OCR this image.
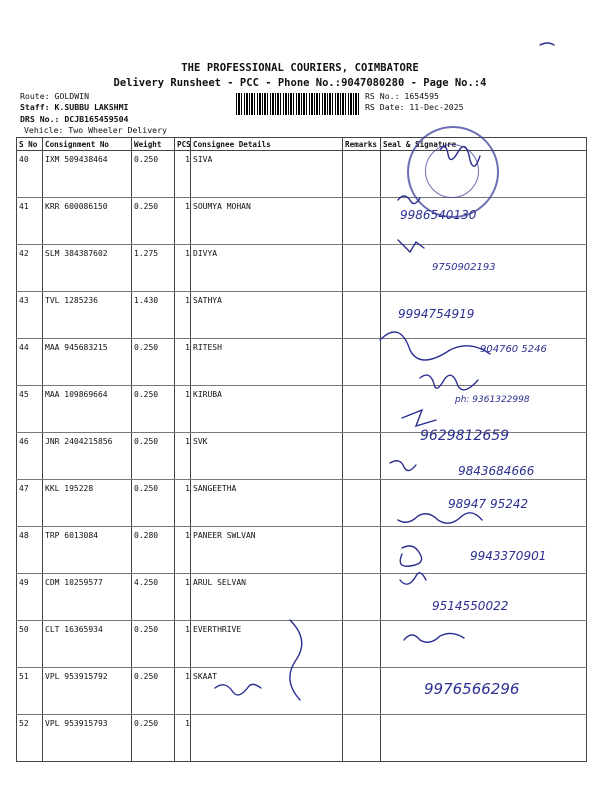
THE PROFESSIONAL COURIERS, COIMBATORE
Delivery Runsheet - PCC - Phone No.:9047080280 - Page No.:4
Route: GOLDWIN
Staff: K.SUBBU LAKSHMI
DRS No.: DCJB165459504
Vehicle: Two Wheeler Delivery
RS No.: 1654595
RS Date: 11-Dec-2025
S No	Consignment No	Weight	PCS	Consignee Details	Remarks	Seal & Signature
40	IXM 509438464	0.250	1	SIVA		
41	KRR 600086150	0.250	1	SOUMYA MOHAN		
42	SLM 384387602	1.275	1	DIVYA		
43	TVL 1285236	1.430	1	SATHYA		
44	MAA 945683215	0.250	1	RITESH		
45	MAA 109869664	0.250	1	KIRUBA		
46	JNR 2404215856	0.250	1	SVK		
47	KKL 195228	0.250	1	SANGEETHA		
48	TRP 6013084	0.280	1	PANEER SWLVAN		
49	CDM 10259577	4.250	1	ARUL SELVAN		
50	CLT 16365934	0.250	1	EVERTHRIVE		
51	VPL 953915792	0.250	1	SKAAT		
52	VPL 953915793	0.250	1			
9986540130
9750902193
9994754919
904760 5246
ph: 9361322998
9629812659
9843684666
98947 95242
9943370901
9514550022
9976566296
